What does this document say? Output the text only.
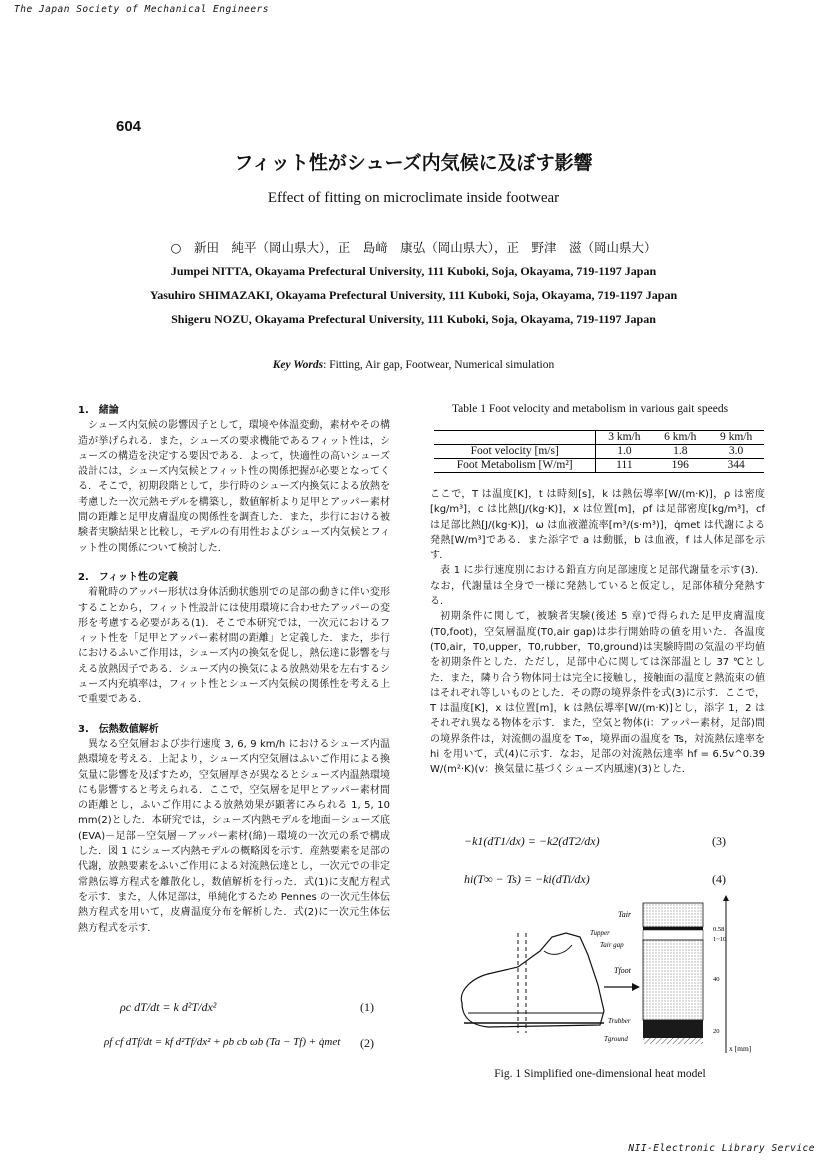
The Japan Society of Mechanical Engineers
NII-Electronic Library Service
604
フィット性がシューズ内気候に及ぼす影響
Effect of fitting on microclimate inside footwear
○　新田　純平（岡山県大），正　島﨑　康弘（岡山県大），正　野津　滋（岡山県大）
Jumpei NITTA, Okayama Prefectural University, 111 Kuboki, Soja, Okayama, 719-1197 Japan
Yasuhiro SHIMAZAKI, Okayama Prefectural University, 111 Kuboki, Soja, Okayama, 719-1197 Japan
Shigeru NOZU, Okayama Prefectural University, 111 Kuboki, Soja, Okayama, 719-1197 Japan
Key Words: Fitting, Air gap, Footwear, Numerical simulation
1.　緒論

シューズ内気候の影響因子として，環境や体温変動，素材やその構造が挙げられる．また，シューズの要求機能であるフィット性は，シューズの構造を決定する要因である．よって，快適性の高いシューズ設計には，シューズ内気候とフィット性の関係把握が必要となってくる．そこで，初期段階として，歩行時のシューズ内換気による放熱を考慮した一次元熱モデルを構築し，数値解析より足甲とアッパー素材間の距離と足甲皮膚温度の関係性を調査した．また，歩行における被験者実験結果と比較し，モデルの有用性およびシューズ内気候とフィット性の関係について検討した．

2.　フィット性の定義

着靴時のアッパー形状は身体活動状態別での足部の動きに伴い変形することから，フィット性設計には使用環境に合わせたアッパーの変形を考慮する必要がある(1)．そこで本研究では，一次元におけるフィット性を「足甲とアッパー素材間の距離」と定義した．また，歩行におけるふいご作用は，シューズ内の換気を促し，熱伝達に影響を与える放熱因子である．シューズ内の換気による放熱効果を左右するシューズ内充填率は，フィット性とシューズ内気候の関係性を考える上で重要である．

3.　伝熱数値解析

異なる空気層および歩行速度 3, 6, 9 km/h におけるシューズ内温熱環境を考える．上記より，シューズ内空気層はふいご作用による換気量に影響を及ぼすため，空気層厚さが異なるとシューズ内温熱環境にも影響すると考えられる．ここで，空気層を足甲とアッパー素材間の距離とし，ふいご作用による放熱効果が顕著にみられる 1, 5, 10 mm(2)とした．本研究では，シューズ内熱モデルを地面－シューズ底(EVA)－足部－空気層－アッパー素材(綿)－環境の一次元の系で構成した．図 1 にシューズ内熱モデルの概略図を示す．産熱要素を足部の代謝，放熱要素をふいご作用による対流熱伝達とし，一次元での非定常熱伝導方程式を離散化し，数値解析を行った．式(1)に支配方程式を示す．また，人体足部は，単純化するため Pennes の一次元生体伝熱方程式を用いて，皮膚温度分布を解析した．式(2)に一次元生体伝熱方程式を示す．

ρc dT/dt = k d²T/dx²	(1)
ρf cf dTf/dt = kf d²Tf/dx² + ρb cb ωb (Ta − Tf) + q̇met (2)
Table 1 Foot velocity and metabolism in various gait speeds
	3 km/h	6 km/h	9 km/h
Foot velocity [m/s]	1.0	1.8	3.0
Foot Metabolism [W/m²]	111	196	344

ここで，T は温度[K]，t は時刻[s]，k は熱伝導率[W/(m·K)]，ρ は密度[kg/m³]，c は比熱[J/(kg·K)]，x は位置[m]，ρf は足部密度[kg/m³]，cf は足部比熱[J/(kg·K)]，ω は血液灌流率[m³/(s·m³)]，q̇met は代謝による発熱[W/m³]である．また添字で a は動脈，b は血液，f は人体足部を示す．

表 1 に歩行速度別における鉛直方向足部速度と足部代謝量を示す(3)．なお，代謝量は全身で一様に発熱していると仮定し，足部体積分発熱する．

初期条件に関して，被験者実験(後述 5 章)で得られた足甲皮膚温度(T0,foot)，空気層温度(T0,air gap)は歩行開始時の値を用いた．各温度(T0,air，T0,upper，T0,rubber，T0,ground)は実験時間の気温の平均値を初期条件とした．ただし，足部中心に関しては深部温とし 37 ℃とした．また，隣り合う物体同士は完全に接触し，接触面の温度と熱流束の値はそれぞれ等しいものとした．その際の境界条件を式(3)に示す．ここで，T は温度[K]，x は位置[m]，k は熱伝導率[W/(m·K)]とし，添字 1，2 はそれぞれ異なる物体を示す．また，空気と物体(i：アッパー素材，足部)間の境界条件は，対流側の温度を T∞，境界面の温度を Ts，対流熱伝達率を hi を用いて，式(4)に示す．なお，足部の対流熱伝達率 hf = 6.5v^0.39 W/(m²·K)(v：換気量に基づくシューズ内風速)(3)とした．

−k1(dT1/dx) = −k2(dT2/dx)	(3)
hi(T∞ − Ts) = −ki(dTi/dx)	(4)
Tair
Tupper
Tair gap
Tfoot
Trubber
Tground
0.58
1~10
40
20
x [mm]
Fig. 1 Simplified one-dimensional heat model
